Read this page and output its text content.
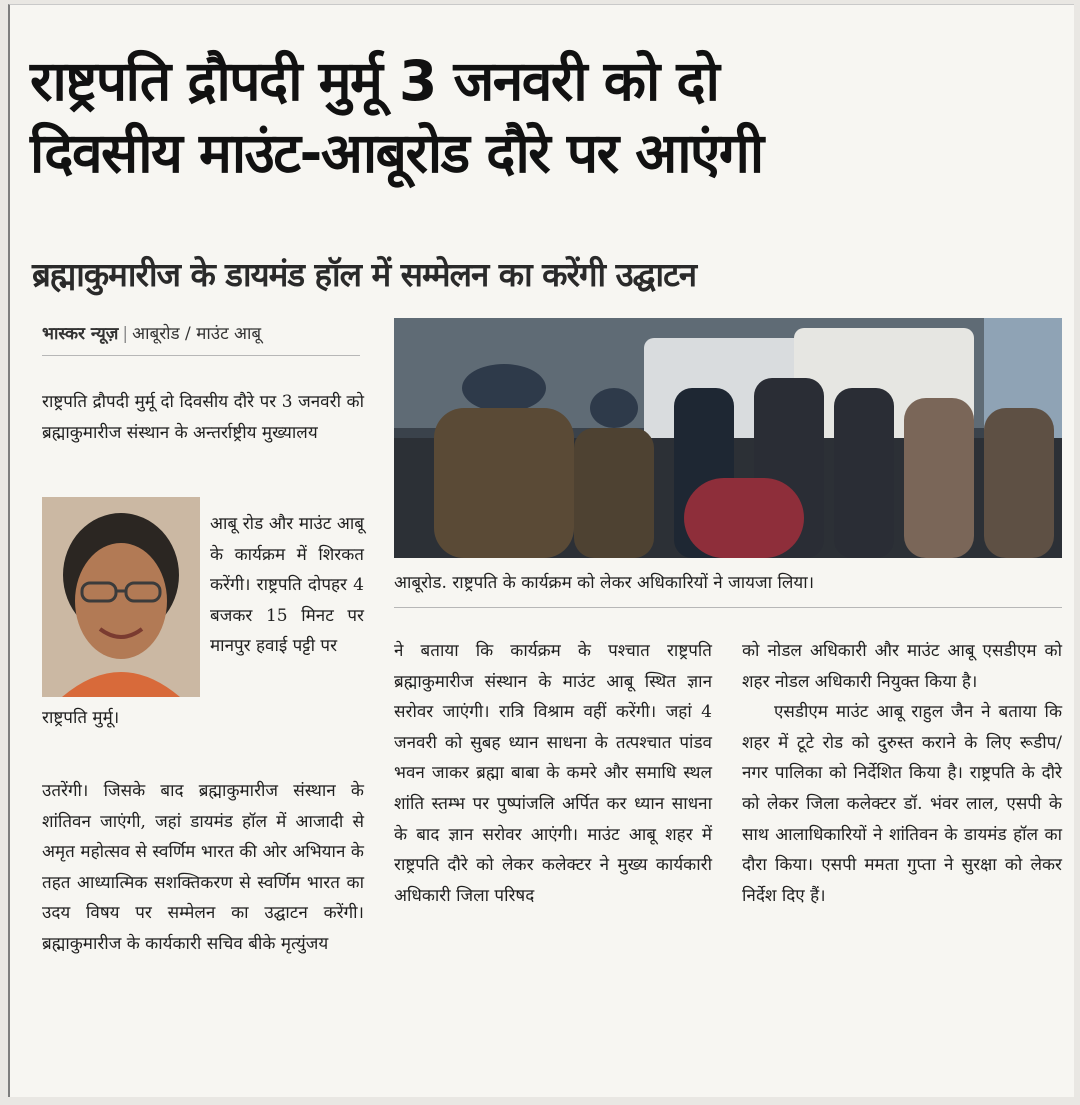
राष्ट्रपति द्रौपदी मुर्मू 3 जनवरी को दो
दिवसीय माउंट-आबूरोड दौरे पर आएंगी
ब्रह्माकुमारीज के डायमंड हॉल में सम्मेलन का करेंगी उद्घाटन
भास्कर न्यूज़ | आबूरोड / माउंट आबू

राष्ट्रपति द्रौपदी मुर्मू दो दिवसीय दौरे पर 3 जनवरी को ब्रह्माकुमारीज संस्थान के अन्तर्राष्ट्रीय मुख्यालय

आबू रोड और माउंट आबू के कार्यक्रम में शिरकत करेंगी। राष्ट्रपति दोपहर 4 बजकर 15 मिनट पर मानपुर हवाई पट्टी पर

राष्ट्रपति मुर्मू।

उतरेंगी। जिसके बाद ब्रह्माकुमारीज संस्थान के शांतिवन जाएंगी, जहां डायमंड हॉल में आजादी से अमृत महोत्सव से स्वर्णिम भारत की ओर अभियान के तहत आध्यात्मिक सशक्तिकरण से स्वर्णिम भारत का उदय विषय पर सम्मेलन का उद्घाटन करेंगी। ब्रह्माकुमारीज के कार्यकारी सचिव बीके मृत्युंजय

आबूरोड. राष्ट्रपति के कार्यक्रम को लेकर अधिकारियों ने जायजा लिया।

ने बताया कि कार्यक्रम के पश्चात राष्ट्रपति ब्रह्माकुमारीज संस्थान के माउंट आबू स्थित ज्ञान सरोवर जाएंगी। रात्रि विश्राम वहीं करेंगी। जहां 4 जनवरी को सुबह ध्यान साधना के तत्पश्चात पांडव भवन जाकर ब्रह्मा बाबा के कमरे और समाधि स्थल शांति स्तम्भ पर पुष्पांजलि अर्पित कर ध्यान साधना के बाद ज्ञान सरोवर आएंगी। माउंट आबू शहर में राष्ट्रपति दौरे को लेकर कलेक्टर ने मुख्य कार्यकारी अधिकारी जिला परिषद

को नोडल अधिकारी और माउंट आबू एसडीएम को शहर नोडल अधिकारी नियुक्त किया है।

एसडीएम माउंट आबू राहुल जैन ने बताया कि शहर में टूटे रोड को दुरुस्त कराने के लिए रूडीप/ नगर पालिका को निर्देशित किया है। राष्ट्रपति के दौरे को लेकर जिला कलेक्टर डॉ. भंवर लाल, एसपी के साथ आलाधिकारियों ने शांतिवन के डायमंड हॉल का दौरा किया। एसपी ममता गुप्ता ने सुरक्षा को लेकर निर्देश दिए हैं।
